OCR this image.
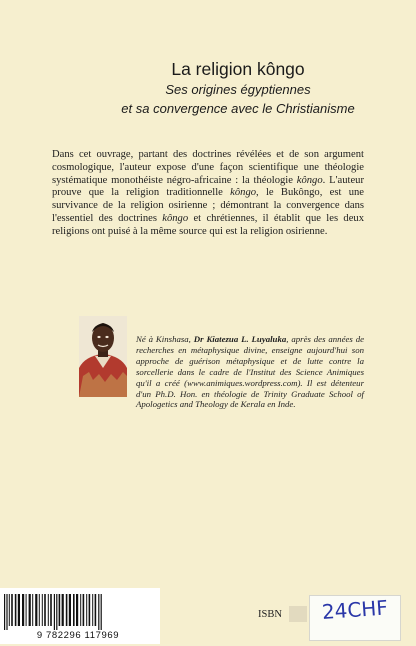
La religion kôngo
Ses origines égyptiennes
et sa convergence avec le Christianisme
Dans cet ouvrage, partant des doctrines révélées et de son argument cosmologique, l'auteur expose d'une façon scientifique une théologie systématique monothéiste négro-africaine : la théologie kôngo. L'auteur prouve que la religion traditionnelle kôngo, le Bukôngo, est une survivance de la religion osirienne ; démontrant la convergence dans l'essentiel des doctrines kôngo et chrétiennes, il établit que les deux religions ont puisé à la même source qui est la religion osirienne.
Né à Kinshasa, Dr Kiatezua L. Luyaluka, après des années de recherches en métaphysique divine, enseigne aujourd'hui son approche de guérison métaphysique et de lutte contre la sorcellerie dans le cadre de l'Institut des Science Animiques qu'il a créé (www.animiques.wordpress.com). Il est détenteur d'un Ph.D. Hon. en théologie de Trinity Graduate School of Apologetics and Theology de Kerala en Inde.
9 782296 117969
ISBN 24CHF
